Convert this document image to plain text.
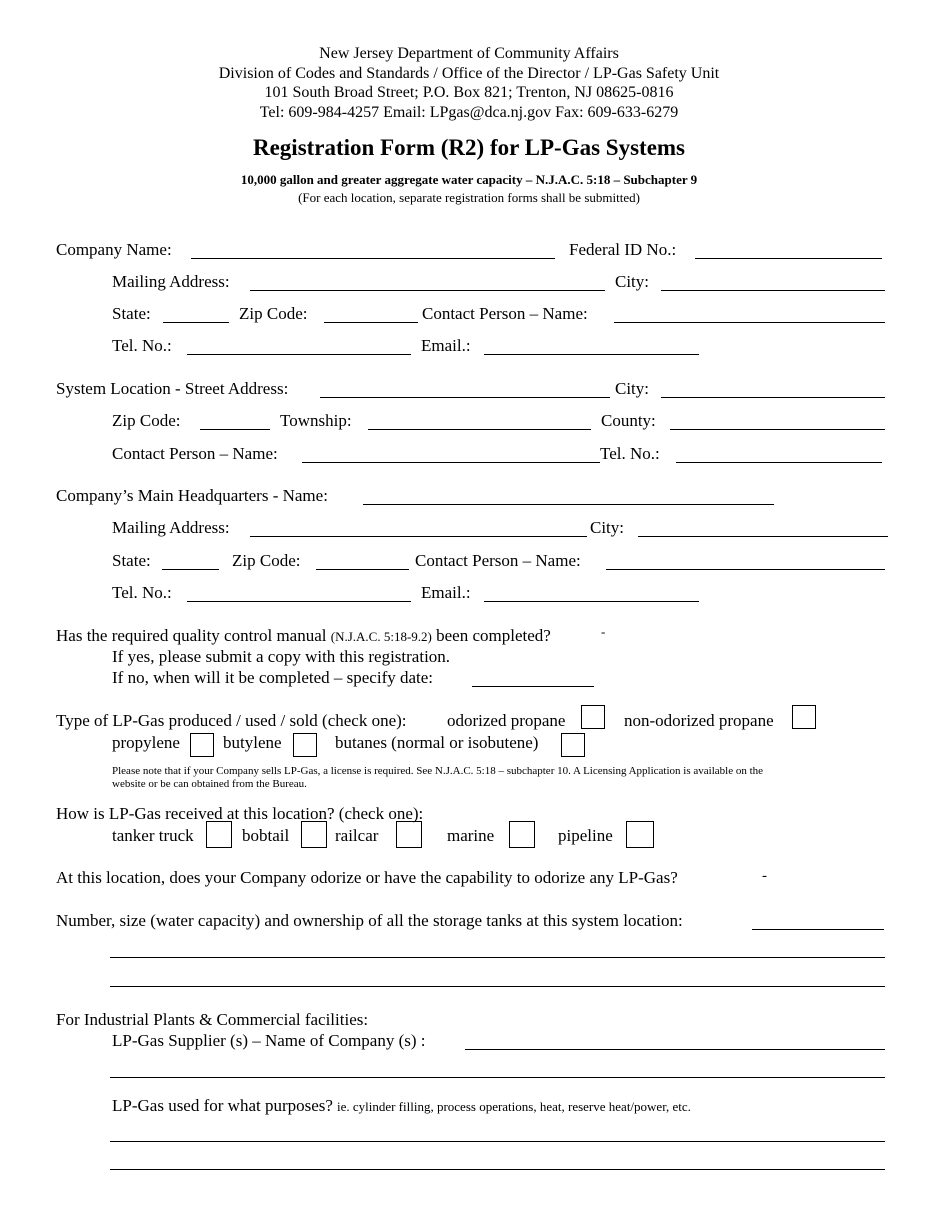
New Jersey Department of Community Affairs
Division of Codes and Standards / Office of the Director / LP-Gas Safety Unit
101 South Broad Street; P.O. Box 821; Trenton, NJ 08625-0816
Tel: 609-984-4257 Email: LPgas@dca.nj.gov Fax: 609-633-6279
Registration Form (R2) for LP-Gas Systems
10,000 gallon and greater aggregate water capacity – N.J.A.C. 5:18 – Subchapter 9
(For each location, separate registration forms shall be submitted)
Company Name:	Federal ID No.:
Mailing Address:	City:
State:	Zip Code:	Contact Person – Name:
Tel. No.:	Email.:
System Location - Street Address:	City:
Zip Code:	Township:	County:
Contact Person – Name:	Tel. No.:
Company’s Main Headquarters - Name:
Mailing Address:	City:
State:	Zip Code:	Contact Person – Name:
Tel. No.:	Email.:
Has the required quality control manual (N.J.A.C. 5:18-9.2) been completed?	-
If yes, please submit a copy with this registration.
If no, when will it be completed – specify date:
Type of LP-Gas produced / used / sold (check one): odorized propane	non-odorized propane
propylene	butylene	butanes (normal or isobutene)
Please note that if your Company sells LP-Gas, a license is required. See N.J.A.C. 5:18 – subchapter 10. A Licensing Application is available on the
website or be can obtained from the Bureau.
How is LP-Gas received at this location? (check one):
tanker truck	bobtail	railcar	marine	pipeline
At this location, does your Company odorize or have the capability to odorize any LP-Gas?	-
Number, size (water capacity) and ownership of all the storage tanks at this system location:
For Industrial Plants & Commercial facilities:
LP-Gas Supplier (s) – Name of Company (s) :
LP-Gas used for what purposes? ie. cylinder filling, process operations, heat, reserve heat/power, etc.
